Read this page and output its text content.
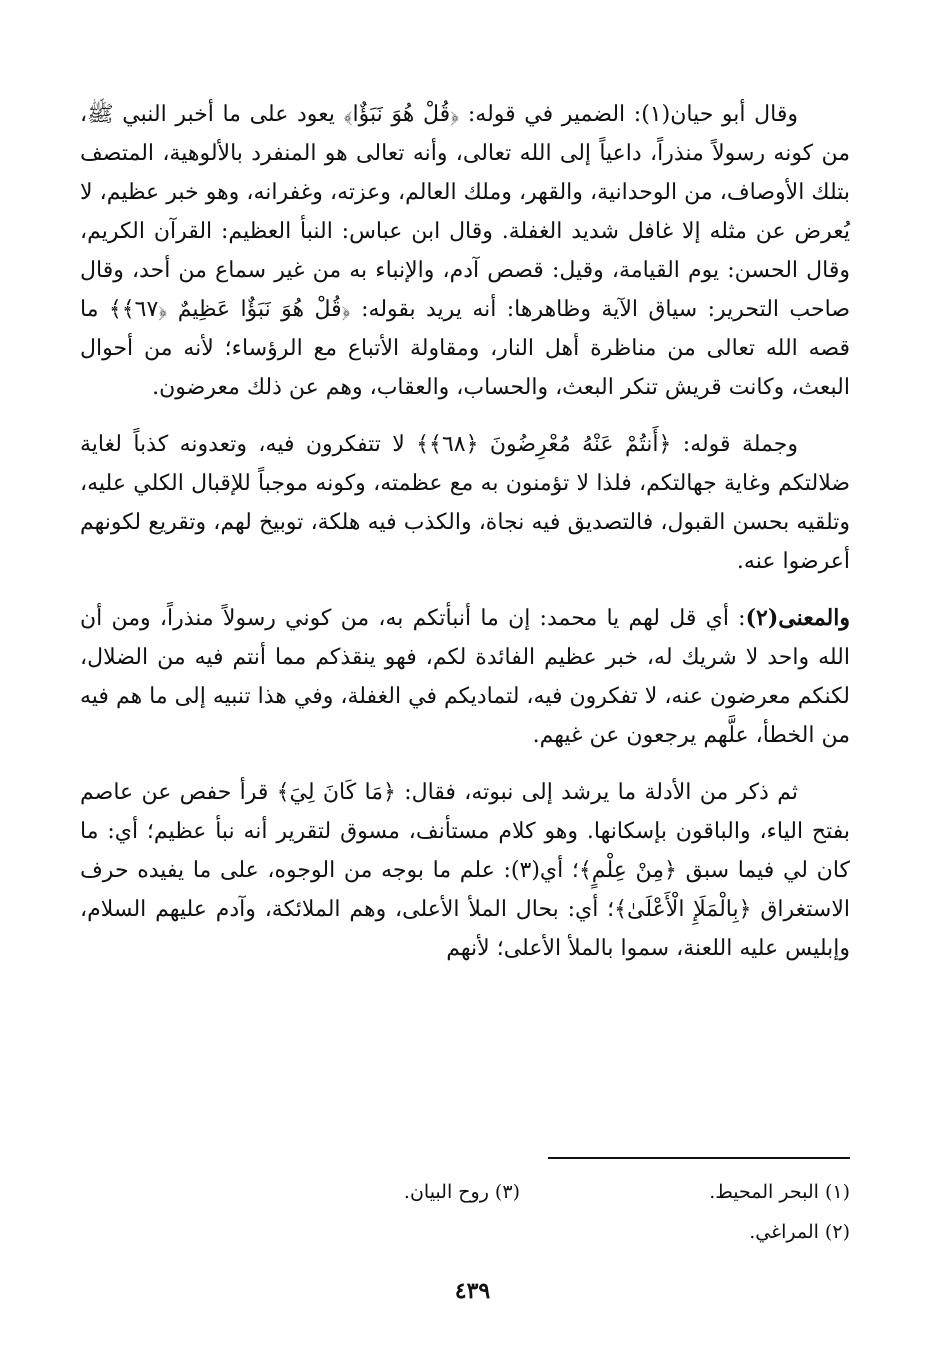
وقال أبو حيان(١): الضمير في قوله: ﴿قُلْ هُوَ نَبَؤٌا﴾ يعود على ما أخبر النبي ﷺ، من كونه رسولاً منذراً، داعياً إلى الله تعالى، وأنه تعالى هو المنفرد بالألوهية، المتصف بتلك الأوصاف، من الوحدانية، والقهر، وملك العالم، وعزته، وغفرانه، وهو خبر عظيم، لا يُعرض عن مثله إلا غافل شديد الغفلة. وقال ابن عباس: النبأ العظيم: القرآن الكريم، وقال الحسن: يوم القيامة، وقيل: قصص آدم، والإنباء به من غير سماع من أحد، وقال صاحب التحرير: سياق الآية وظاهرها: أنه يريد بقوله: ﴿قُلْ هُوَ نَبَؤٌا عَظِيمٌ ﴿٦٧﴾﴾ ما قصه الله تعالى من مناظرة أهل النار، ومقاولة الأتباع مع الرؤساء؛ لأنه من أحوال البعث، وكانت قريش تنكر البعث، والحساب، والعقاب، وهم عن ذلك معرضون.

وجملة قوله: ﴿أَنتُمْ عَنْهُ مُعْرِضُونَ ﴿٦٨﴾﴾ لا تتفكرون فيه، وتعدونه كذباً لغاية ضلالتكم وغاية جهالتكم، فلذا لا تؤمنون به مع عظمته، وكونه موجباً للإقبال الكلي عليه، وتلقيه بحسن القبول، فالتصديق فيه نجاة، والكذب فيه هلكة، توبيخ لهم، وتقريع لكونهم أعرضوا عنه.

والمعنى(٢): أي قل لهم يا محمد: إن ما أنبأتكم به، من كوني رسولاً منذراً، ومن أن الله واحد لا شريك له، خبر عظيم الفائدة لكم، فهو ينقذكم مما أنتم فيه من الضلال، لكنكم معرضون عنه، لا تفكرون فيه، لتماديكم في الغفلة، وفي هذا تنبيه إلى ما هم فيه من الخطأ، علَّهم يرجعون عن غيهم.

ثم ذكر من الأدلة ما يرشد إلى نبوته، فقال: ﴿مَا كَانَ لِيَ﴾ قرأ حفص عن عاصم بفتح الياء، والباقون بإسكانها. وهو كلام مستأنف، مسوق لتقرير أنه نبأ عظيم؛ أي: ما كان لي فيما سبق ﴿مِنْ عِلْمٍ﴾؛ أي(٣): علم ما بوجه من الوجوه، على ما يفيده حرف الاستغراق ﴿بِالْمَلَإِ الْأَعْلَىٰ﴾؛ أي: بحال الملأ الأعلى، وهم الملائكة، وآدم عليهم السلام، وإبليس عليه اللعنة، سموا بالملأ الأعلى؛ لأنهم

(١) البحر المحيط.
(٣) روح البيان.
(٢) المراغي.
٤٣٩
